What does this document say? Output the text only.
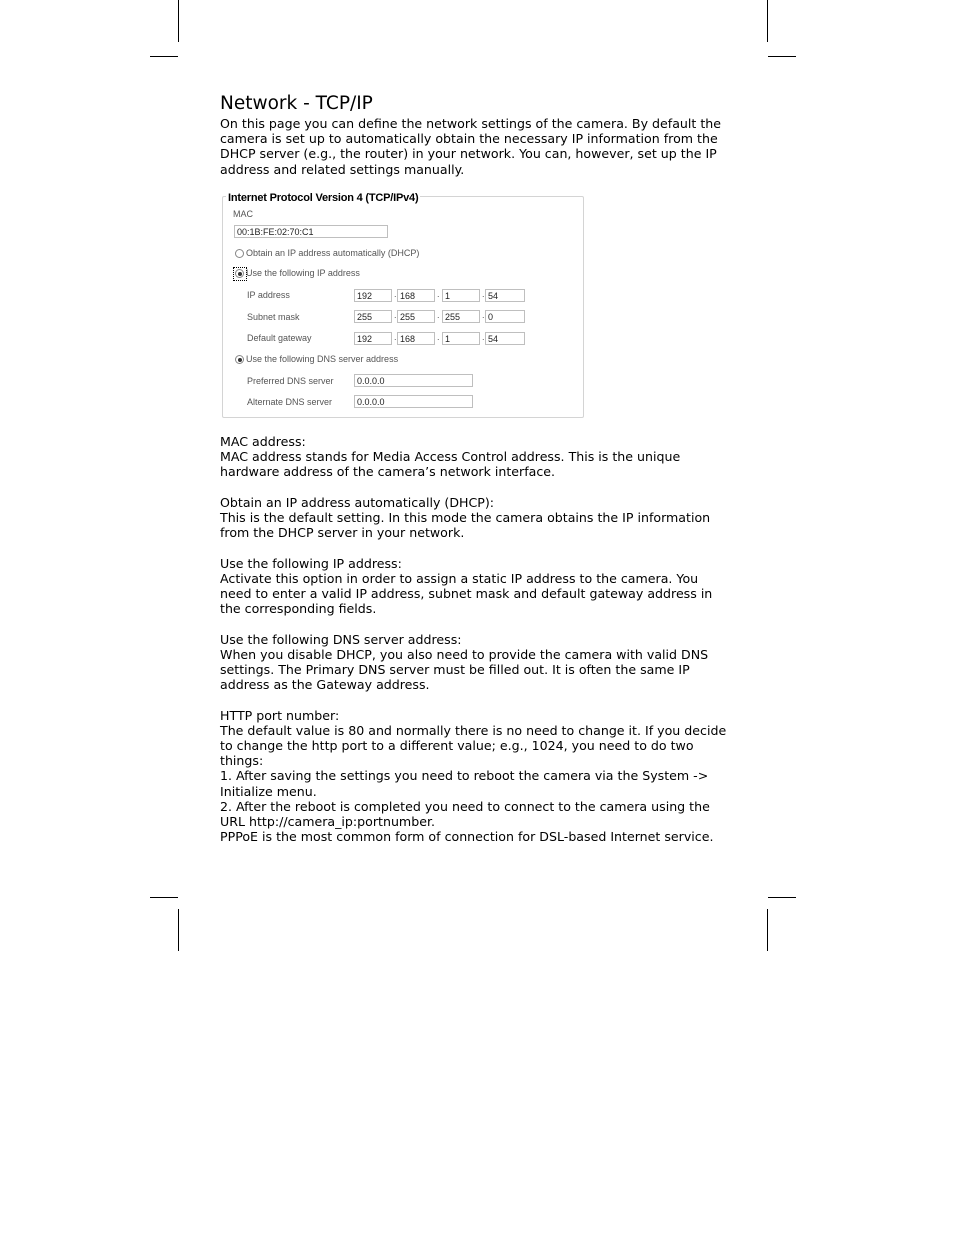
Network - TCP/IP

On this page you can define the network settings of the camera. By default the camera is set up to automatically obtain the necessary IP information from the DHCP server (e.g., the router) in your network. You can, however, set up the IP address and related settings manually.

Internet Protocol Version 4 (TCP/IPv4)
MAC
00:1B:FE:02:70:C1
Obtain an IP address automatically (DHCP)
Use the following IP address
IP address	192	. 168	. 1	. 54
Subnet mask	255	. 255	. 255	. 0
Default gateway	192	. 168	. 1	. 54
Use the following DNS server address
Preferred DNS server	0.0.0.0
Alternate DNS server	0.0.0.0

MAC address:

MAC address stands for Media Access Control address. This is the unique hardware address of the camera’s network interface.

Obtain an IP address automatically (DHCP):

This is the default setting. In this mode the camera obtains the IP information from the DHCP server in your network.

Use the following IP address:

Activate this option in order to assign a static IP address to the camera. You need to enter a valid IP address, subnet mask and default gateway address in the corresponding fields.

Use the following DNS server address:

When you disable DHCP, you also need to provide the camera with valid DNS settings. The Primary DNS server must be filled out. It is often the same IP address as the Gateway address.

HTTP port number:

The default value is 80 and normally there is no need to change it. If you decide to change the http port to a different value; e.g., 1024, you need to do two things:

1. After saving the settings you need to reboot the camera via the System -> Initialize menu.

2. After the reboot is completed you need to connect to the camera using the URL http://camera_ip:portnumber.

PPPoE is the most common form of connection for DSL-based Internet service.
